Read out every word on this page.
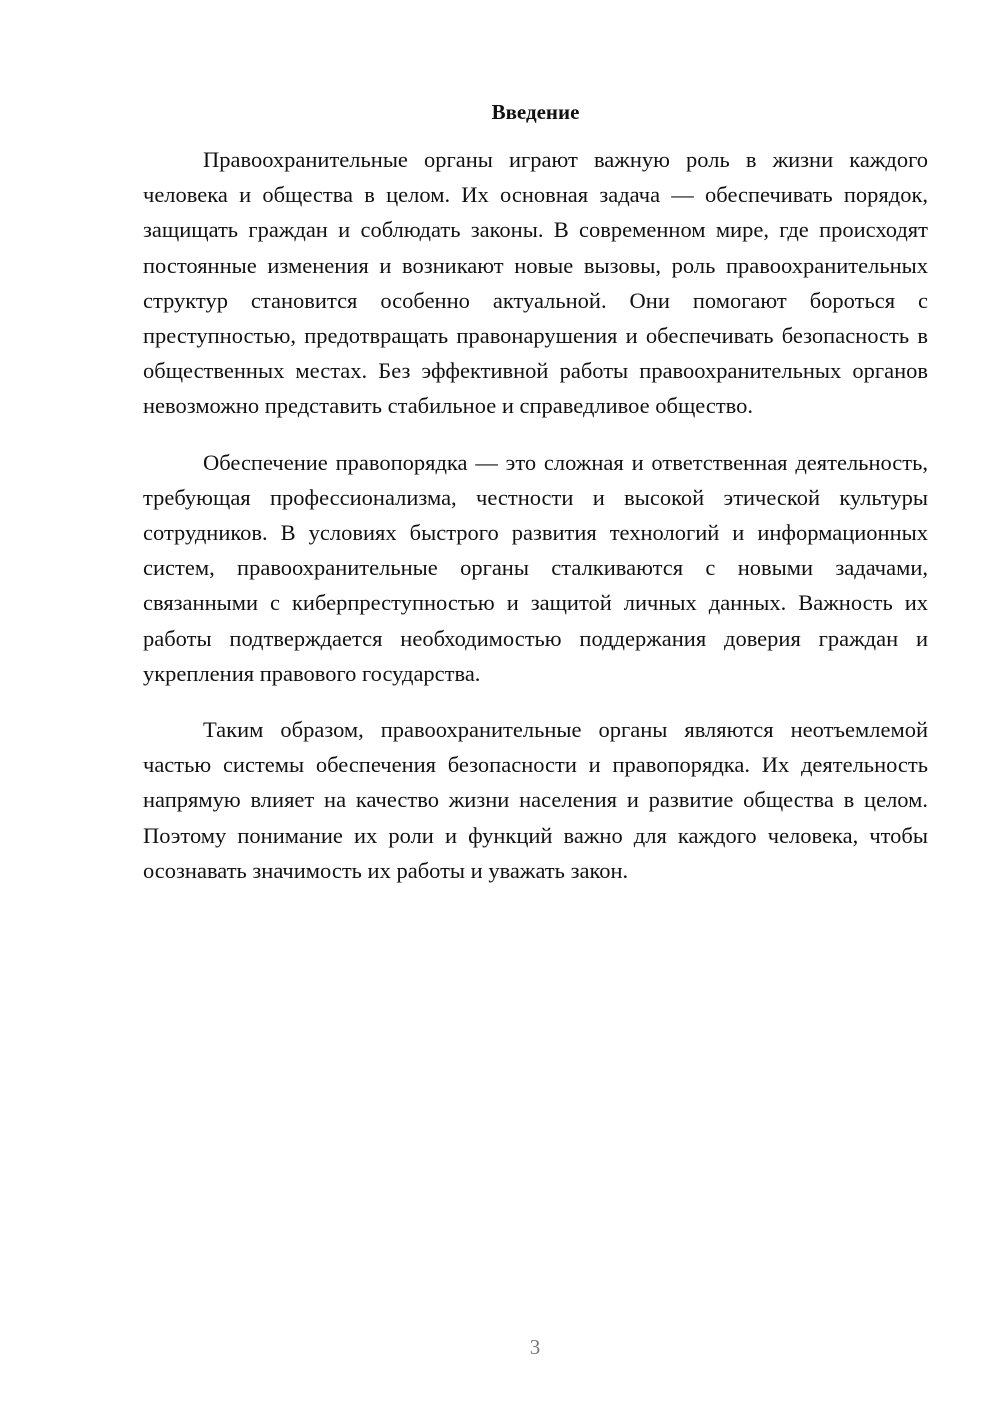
Введение

Правоохранительные органы играют важную роль в жизни каждого человека и общества в целом. Их основная задача — обеспечивать порядок, защищать граждан и соблюдать законы. В современном мире, где происходят постоянные изменения и возникают новые вызовы, роль правоохранительных структур становится особенно актуальной. Они помогают бороться с преступностью, предотвращать правонарушения и обеспечивать безопасность в общественных местах. Без эффективной работы правоохранительных органов невозможно представить стабильное и справедливое общество.

Обеспечение правопорядка — это сложная и ответственная деятельность, требующая профессионализма, честности и высокой этической культуры сотрудников. В условиях быстрого развития технологий и информационных систем, правоохранительные органы сталкиваются с новыми задачами, связанными с киберпреступностью и защитой личных данных. Важность их работы подтверждается необходимостью поддержания доверия граждан и укрепления правового государства.

Таким образом, правоохранительные органы являются неотъемлемой частью системы обеспечения безопасности и правопорядка. Их деятельность напрямую влияет на качество жизни населения и развитие общества в целом. Поэтому понимание их роли и функций важно для каждого человека, чтобы осознавать значимость их работы и уважать закон.

3
